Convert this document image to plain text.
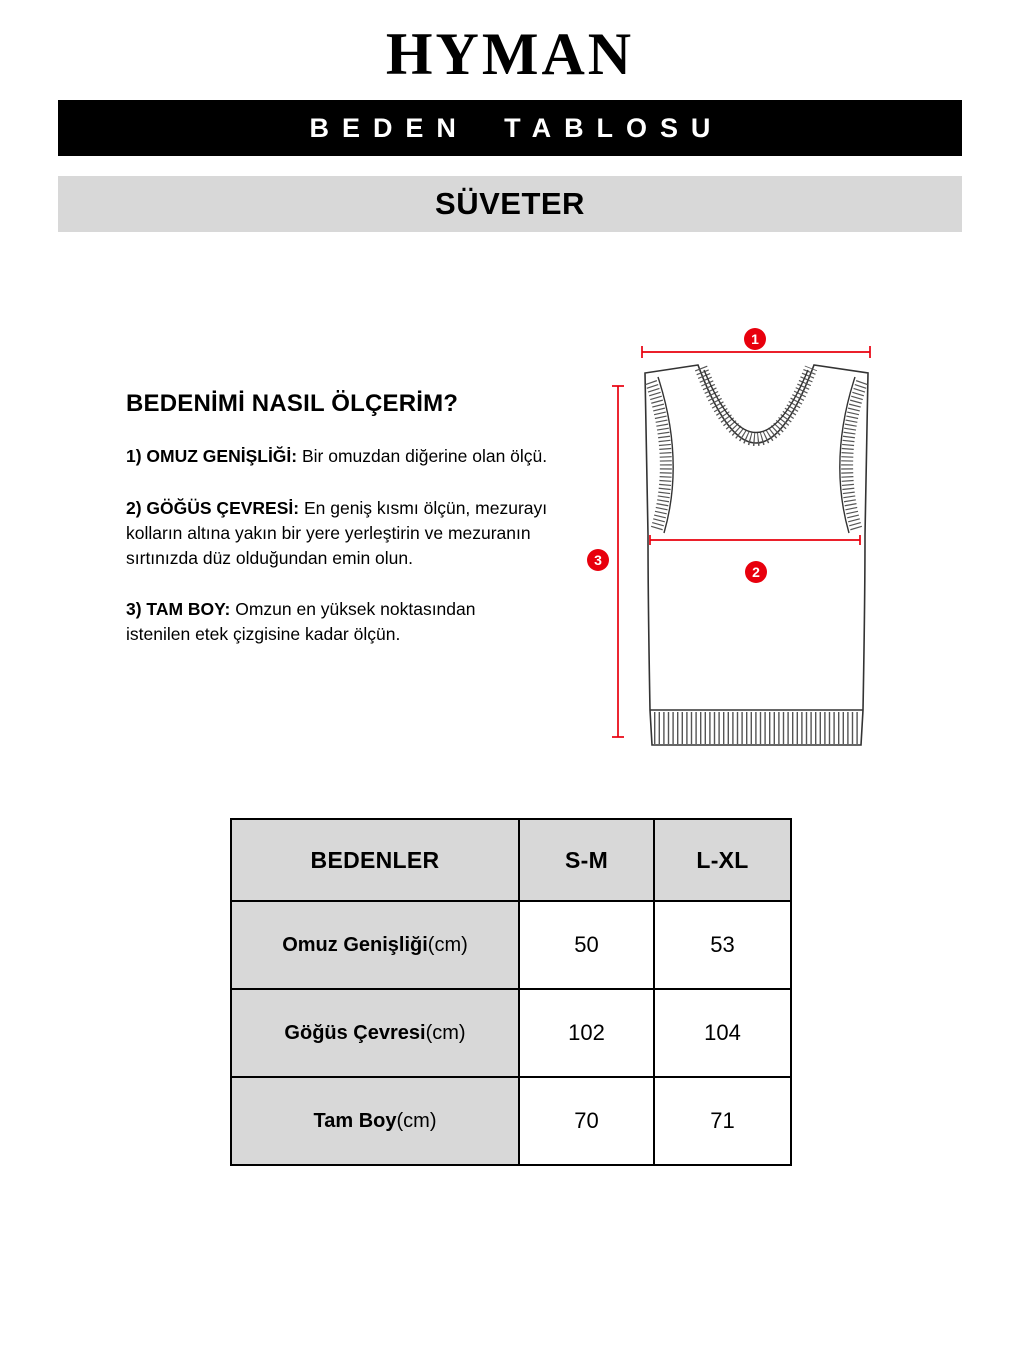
HYMAN
BEDEN TABLOSU
SÜVETER
BEDENİMİ NASIL ÖLÇERİM?

1) OMUZ GENİŞLİĞİ: Bir omuzdan diğerine olan ölçü.

2) GÖĞÜS ÇEVRESİ: En geniş kısmı ölçün, mezurayı kolların altına yakın bir yere yerleştirin ve mezuranın sırtınızda düz olduğundan emin olun.

3) TAM BOY: Omzun en yüksek noktasından istenilen etek çizgisine kadar ölçün.

1
2
3
BEDENLER	S-M	L-XL
Omuz Genişliği(cm)	50	53
Göğüs Çevresi(cm)	102	104
Tam Boy(cm)	70	71
